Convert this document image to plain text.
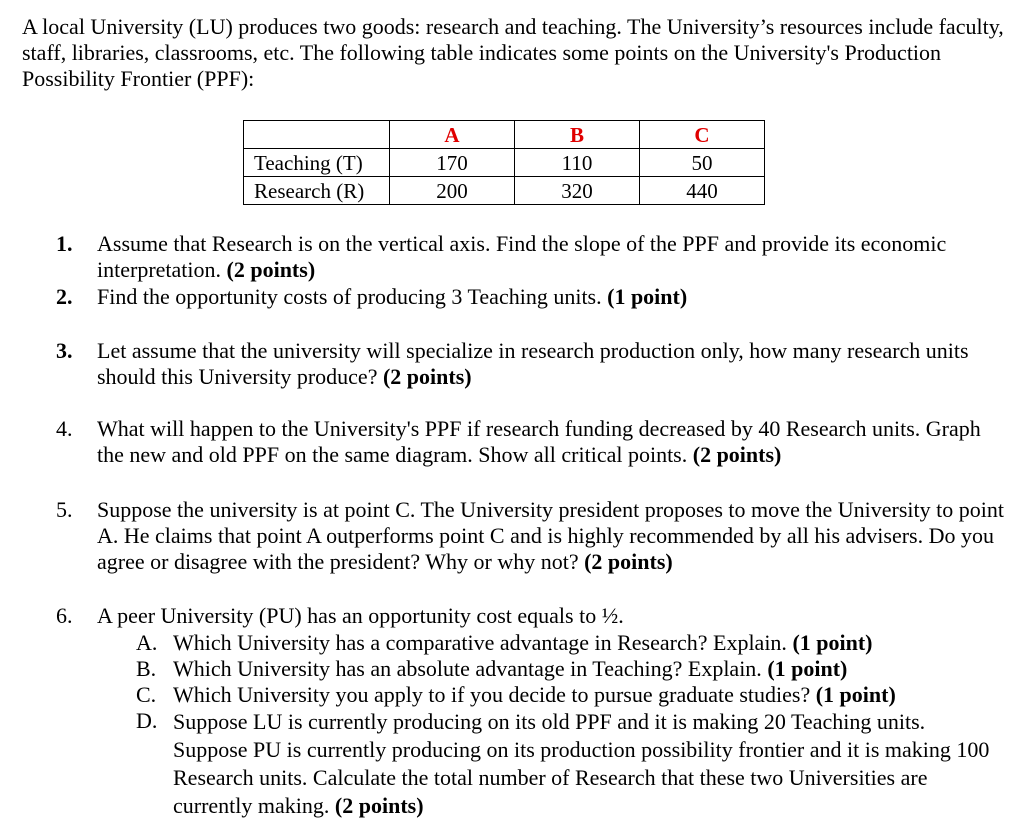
A local University (LU) produces two goods: research and teaching. The University’s resources include faculty, staff, libraries, classrooms, etc. The following table indicates some points on the University's Production Possibility Frontier (PPF):
	A	B	C
Teaching (T)	170	110	50
Research (R)	200	320	440
1. Assume that Research is on the vertical axis. Find the slope of the PPF and provide its economic interpretation. (2 points)
2. Find the opportunity costs of producing 3 Teaching units. (1 point)
3. Let assume that the university will specialize in research production only, how many research units should this University produce? (2 points)
4. What will happen to the University's PPF if research funding decreased by 40 Research units. Graph the new and old PPF on the same diagram. Show all critical points. (2 points)
5. Suppose the university is at point C. The University president proposes to move the University to point A. He claims that point A outperforms point C and is highly recommended by all his advisers. Do you agree or disagree with the president? Why or why not? (2 points)
6. A peer University (PU) has an opportunity cost equals to ½.
A. Which University has a comparative advantage in Research? Explain. (1 point)
B. Which University has an absolute advantage in Teaching? Explain. (1 point)
C. Which University you apply to if you decide to pursue graduate studies? (1 point)
D. Suppose LU is currently producing on its old PPF and it is making 20 Teaching units. Suppose PU is currently producing on its production possibility frontier and it is making 100 Research units. Calculate the total number of Research that these two Universities are currently making. (2 points)
